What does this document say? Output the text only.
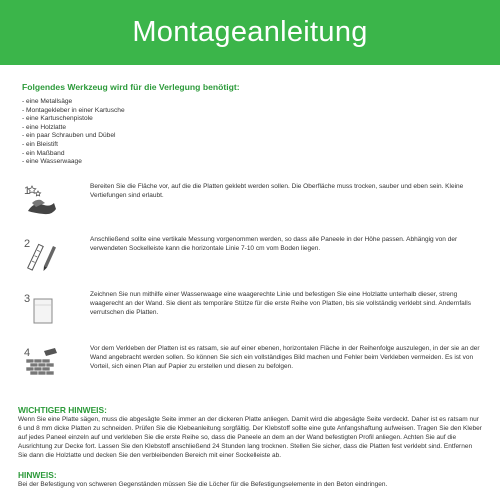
Montageanleitung
Folgendes Werkzeug wird für die Verlegung benötigt:
- eine Metallsäge
- Montagekleber in einer Kartusche
- eine Kartuschenpistole
- eine Holzlatte
- ein paar Schrauben und Dübel
- ein Bleistift
- ein Maßband
- eine Wasserwaage
1	Bereiten Sie die Fläche vor, auf die die Platten geklebt werden sollen. Die Oberfläche muss trocken, sauber und eben sein. Kleine Vertiefungen sind erlaubt.

2	Anschließend sollte eine vertikale Messung vorgenommen werden, so dass alle Paneele in der Höhe passen. Abhängig von der verwendeten Sockelleiste kann die horizontale Linie 7-10 cm vom Boden liegen.

3	Zeichnen Sie nun mithilfe einer Wasserwaage eine waagerechte Linie und befestigen Sie eine Holzlatte unterhalb dieser, streng waagerecht an der Wand. Sie dient als temporäre Stütze für die erste Reihe von Platten, bis sie vollständig verklebt sind. Andernfalls verrutschen die Platten.

4	Vor dem Verkleben der Platten ist es ratsam, sie auf einer ebenen, horizontalen Fläche in der Reihenfolge auszulegen, in der sie an der Wand angebracht werden sollen. So können Sie sich ein vollständiges Bild machen und Fehler beim Verkleben vermeiden. Es ist von Vorteil, sich einen Plan auf Papier zu erstellen und diesen zu befolgen.

WICHTIGER HINWEIS:

Wenn Sie eine Platte sägen, muss die abgesägte Seite immer an der dickeren Platte anliegen. Damit wird die abgesägte Seite verdeckt. Daher ist es ratsam nur 6 und 8 mm dicke Platten zu schneiden. Prüfen Sie die Klebeanleitung sorgfältig. Der Klebstoff sollte eine gute Anfangshaftung aufweisen. Tragen Sie den Kleber auf jedes Paneel einzeln auf und verkleben Sie die erste Reihe so, dass die Paneele an dem an der Wand befestigten Profil anliegen. Achten Sie auf die Ausrichtung zur Decke fort. Lassen Sie den Klebstoff anschließend 24 Stunden lang trocknen. Stellen Sie sicher, dass die Platten fest verklebt sind. Entfernen Sie dann die Holzlatte und decken Sie den verbleibenden Bereich mit einer Sockelleiste ab.

HINWEIS:

Bei der Befestigung von schweren Gegenständen müssen Sie die Löcher für die Befestigungselemente in den Beton eindringen.
